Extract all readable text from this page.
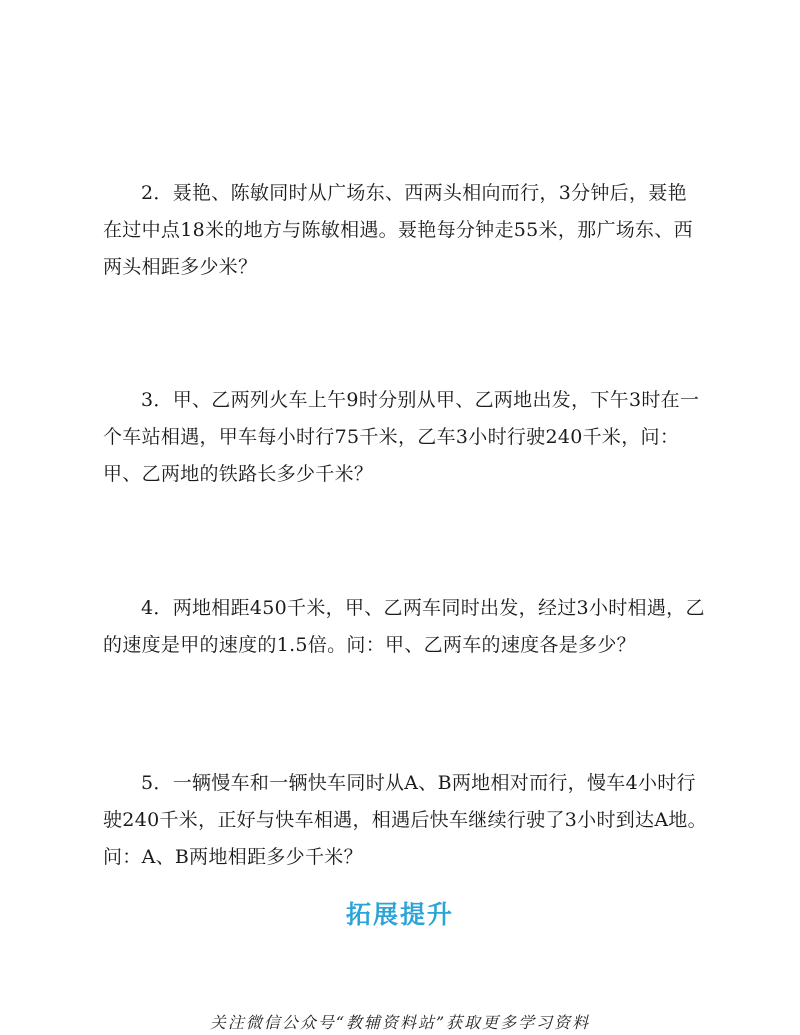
2．聂艳、陈敏同时从广场东、西两头相向而行，3分钟后，聂艳
在过中点18米的地方与陈敏相遇。聂艳每分钟走55米，那广场东、西
两头相距多少米？
3．甲、乙两列火车上午9时分别从甲、乙两地出发，下午3时在一
个车站相遇，甲车每小时行75千米，乙车3小时行驶240千米，问：
甲、乙两地的铁路长多少千米？
4．两地相距450千米，甲、乙两车同时出发，经过3小时相遇，乙
的速度是甲的速度的1.5倍。问：甲、乙两车的速度各是多少？
5．一辆慢车和一辆快车同时从A、B两地相对而行，慢车4小时行
驶240千米，正好与快车相遇，相遇后快车继续行驶了3小时到达A地。
问：A、B两地相距多少千米？
拓展提升
关注微信公众号“教辅资料站”获取更多学习资料
